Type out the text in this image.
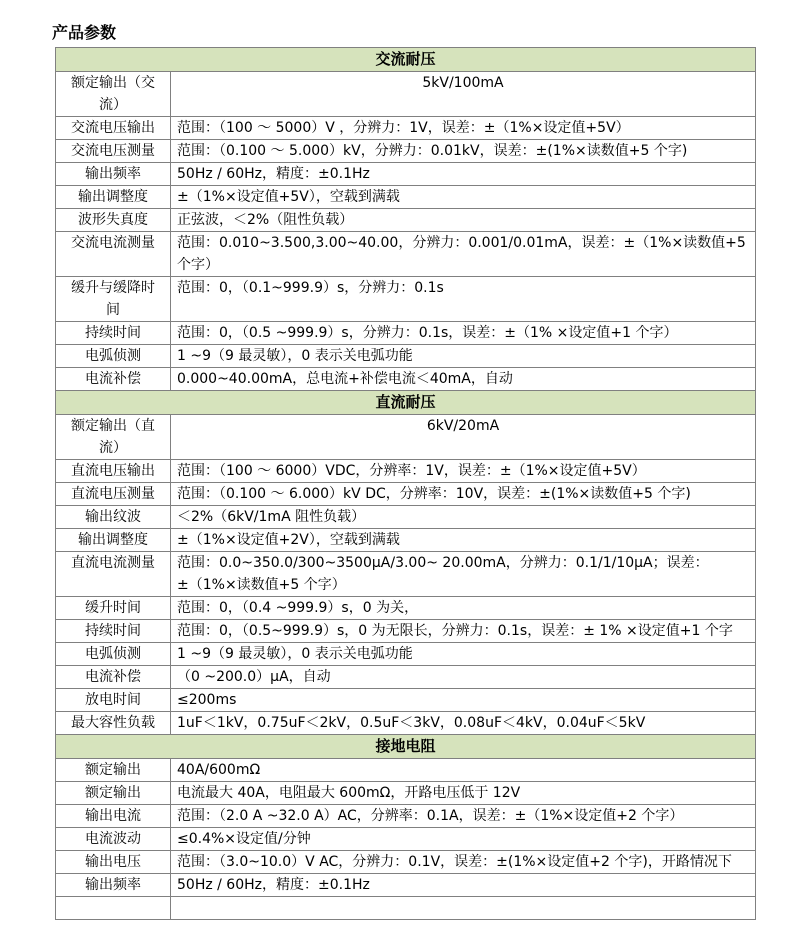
产品参数
交流耐压	
额定输出（交流）	5kV/100mA
交流电压输出	范围：（100 ～ 5000）V ，分辨力：1V，误差：±（1%×设定值+5V）
交流电压测量	范围：（0.100 ～ 5.000）kV，分辨力：0.01kV，误差：±(1%×读数值+5 个字)
输出频率	50Hz / 60Hz，精度：±0.1Hz
输出调整度	±（1%×设定值+5V），空载到满载
波形失真度	正弦波，＜2%（阻性负载）
交流电流测量	范围：0.010~3.500,3.00~40.00，分辨力：0.001/0.01mA，误差：±（1%×读数值+5 个字）
缓升与缓降时间	范围：0，（0.1~999.9）s，分辨力：0.1s
持续时间	范围：0，（0.5 ~999.9）s，分辨力：0.1s，误差：±（1% ×设定值+1 个字）
电弧侦测	1 ~9（9 最灵敏），0 表示关电弧功能
电流补偿	0.000~40.00mA，总电流+补偿电流＜40mA，自动
直流耐压	
额定输出（直流）	6kV/20mA
直流电压输出	范围：（100 ～ 6000）VDC，分辨率：1V，误差：±（1%×设定值+5V）
直流电压测量	范围：（0.100 ～ 6.000）kV DC，分辨率：10V，误差：±(1%×读数值+5 个字)
输出纹波	＜2%（6kV/1mA 阻性负载）
输出调整度	±（1%×设定值+2V），空载到满载
直流电流测量	范围：0.0~350.0/300~3500μA/3.00~ 20.00mA，分辨力：0.1/1/10μA；误差：±（1%×读数值+5 个字）
缓升时间	范围：0，（0.4 ~999.9）s，0 为关，
持续时间	范围：0，（0.5~999.9）s，0 为无限长，分辨力：0.1s，误差：± 1% ×设定值+1 个字
电弧侦测	1 ~9（9 最灵敏），0 表示关电弧功能
电流补偿	（0 ~200.0）μA，自动
放电时间	≤200ms
最大容性负载	1uF＜1kV，0.75uF＜2kV，0.5uF＜3kV，0.08uF＜4kV，0.04uF＜5kV
接地电阻	
额定输出	40A/600mΩ
额定输出	电流最大 40A，电阻最大 600mΩ，开路电压低于 12V
输出电流	范围：（2.0 A ~32.0 A）AC，分辨率：0.1A，误差：±（1%×设定值+2 个字）
电流波动	≤0.4%×设定值/分钟
输出电压	范围：（3.0~10.0）V AC，分辨力：0.1V，误差：±(1%×设定值+2 个字)，开路情况下
输出频率	50Hz / 60Hz，精度：±0.1Hz
